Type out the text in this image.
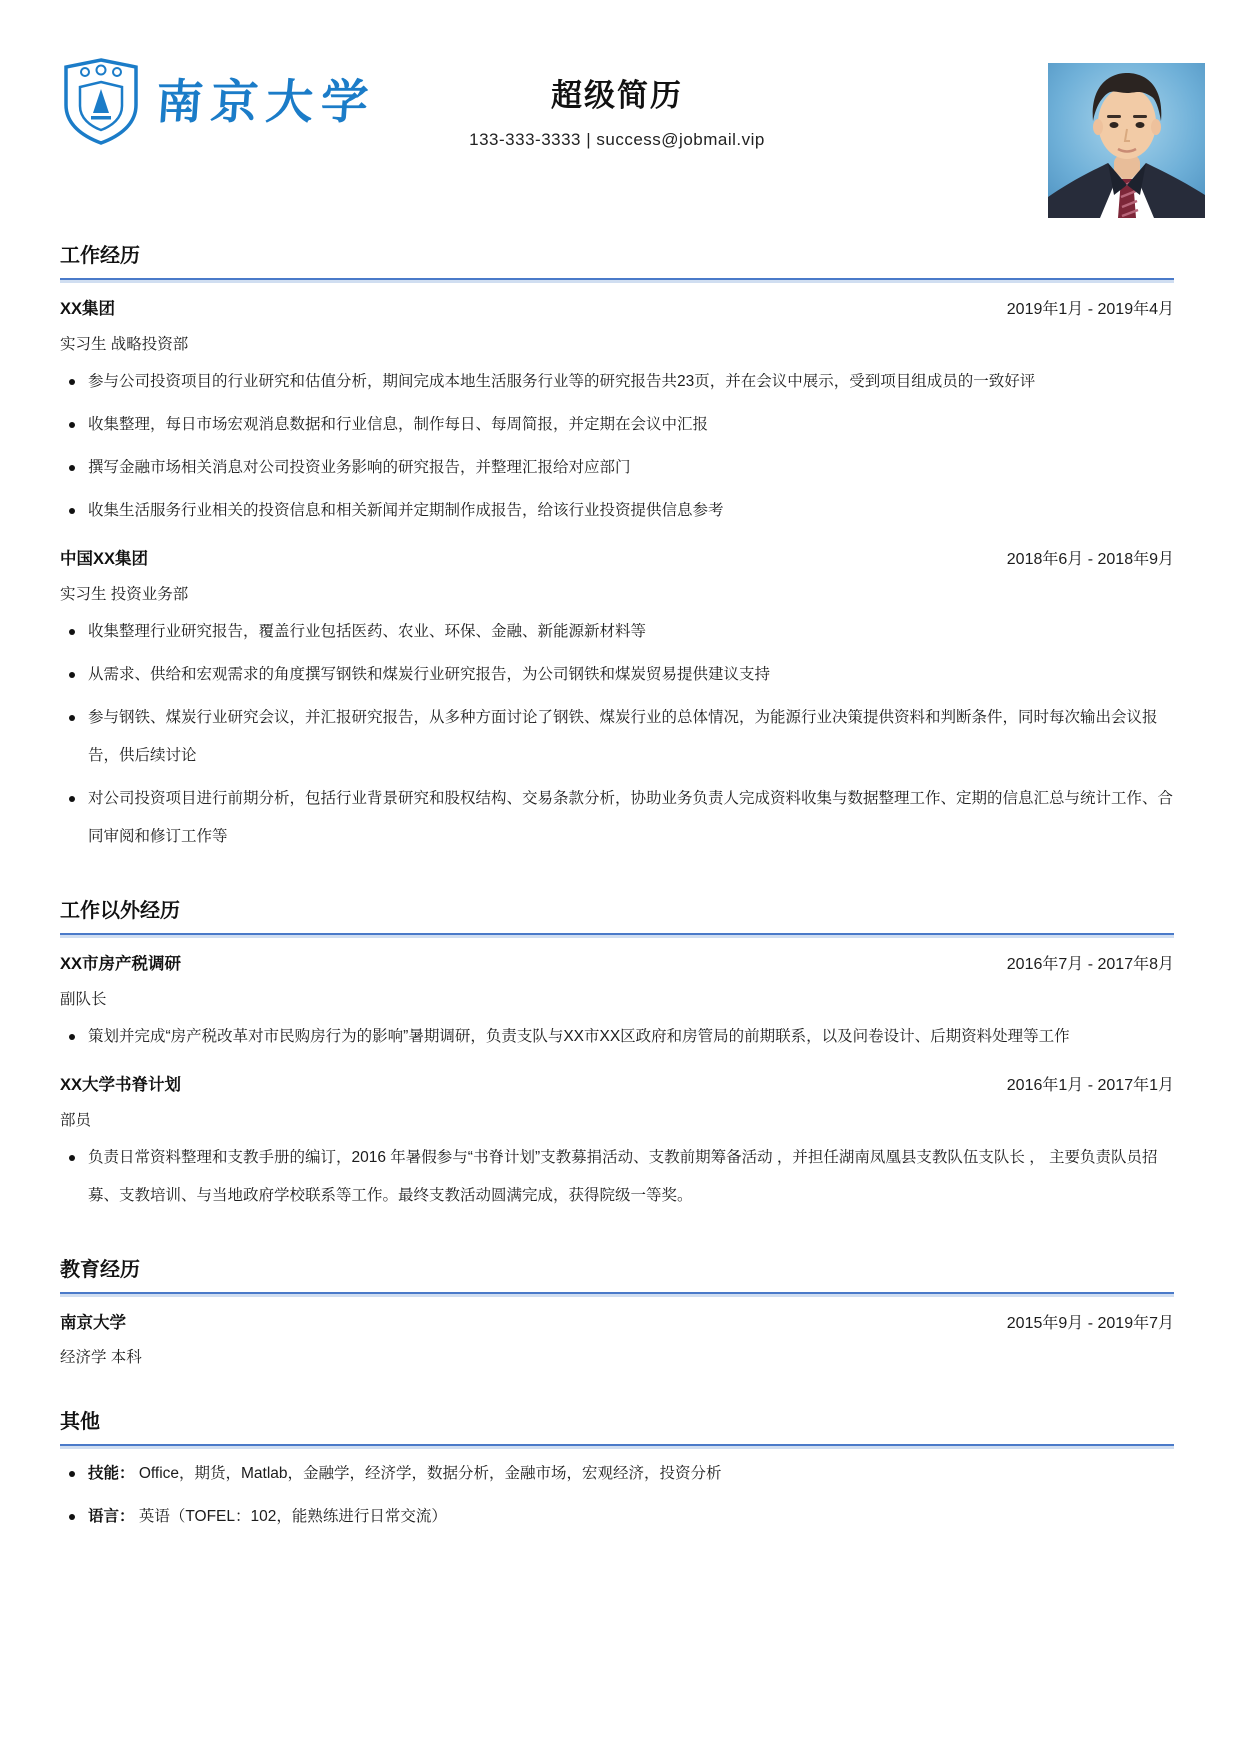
南京大学	超级简历
133-333-3333 | success@jobmail.vip
工作经历
XX集团	2019年1月 - 2019年4月
实习生 战略投资部
参与公司投资项目的行业研究和估值分析，期间完成本地生活服务行业等的研究报告共23页，并在会议中展示，受到项目组成员的一致好评
收集整理，每日市场宏观消息数据和行业信息，制作每日、每周简报，并定期在会议中汇报
撰写金融市场相关消息对公司投资业务影响的研究报告，并整理汇报给对应部门
收集生活服务行业相关的投资信息和相关新闻并定期制作成报告，给该行业投资提供信息参考
中国XX集团	2018年6月 - 2018年9月
实习生 投资业务部
收集整理行业研究报告，覆盖行业包括医药、农业、环保、金融、新能源新材料等
从需求、供给和宏观需求的角度撰写钢铁和煤炭行业研究报告，为公司钢铁和煤炭贸易提供建议支持
参与钢铁、煤炭行业研究会议，并汇报研究报告，从多种方面讨论了钢铁、煤炭行业的总体情况，为能源行业决策提供资料和判断条件，同时每次输出会议报告，供后续讨论
对公司投资项目进行前期分析，包括行业背景研究和股权结构、交易条款分析，协助业务负责人完成资料收集与数据整理工作、定期的信息汇总与统计工作、合同审阅和修订工作等
工作以外经历
XX市房产税调研	2016年7月 - 2017年8月
副队长
策划并完成“房产税改革对市民购房行为的影响”暑期调研，负责支队与XX市XX区政府和房管局的前期联系，以及问卷设计、后期资料处理等工作
XX大学书脊计划	2016年1月 - 2017年1月
部员
负责日常资料整理和支教手册的编订，2016 年暑假参与“书脊计划”支教募捐活动、支教前期筹备活动 ，并担任湖南凤凰县支教队伍支队长 ， 主要负责队员招募、支教培训、与当地政府学校联系等工作。最终支教活动圆满完成，获得院级一等奖。
教育经历
南京大学	2015年9月 - 2019年7月
经济学 本科
其他
技能： Office，期货，Matlab，金融学，经济学，数据分析，金融市场，宏观经济，投资分析
语言： 英语（TOFEL：102，能熟练进行日常交流）
